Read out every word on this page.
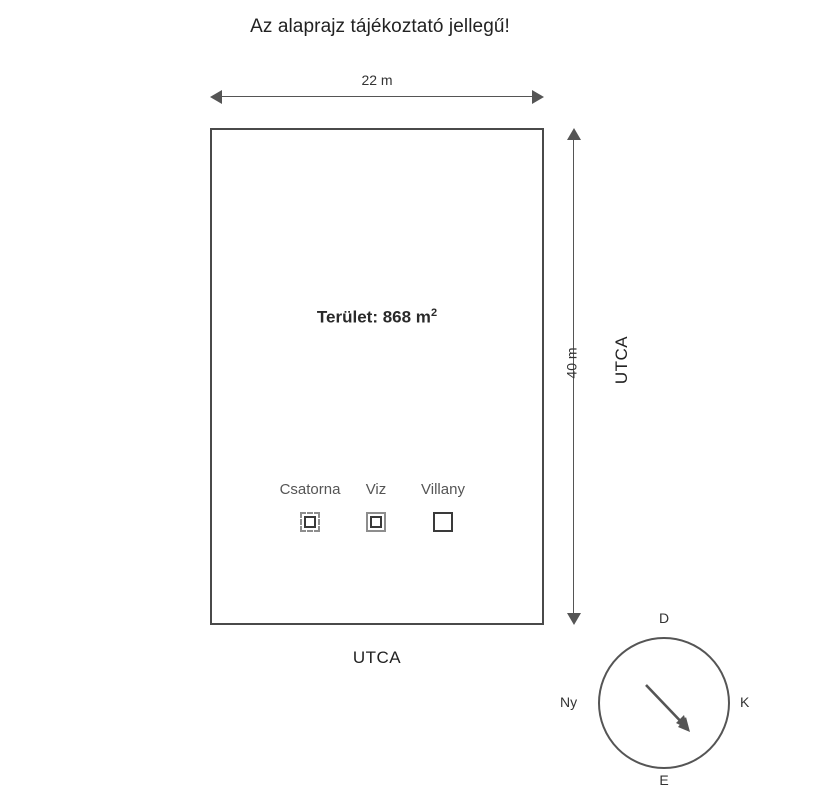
Az alaprajz tájékoztató jellegű!
22 m
Terület: 868 $m^2$
Csatorna	Viz	Villany
40 m UTCA
UTCA
D
E
Ny	K
